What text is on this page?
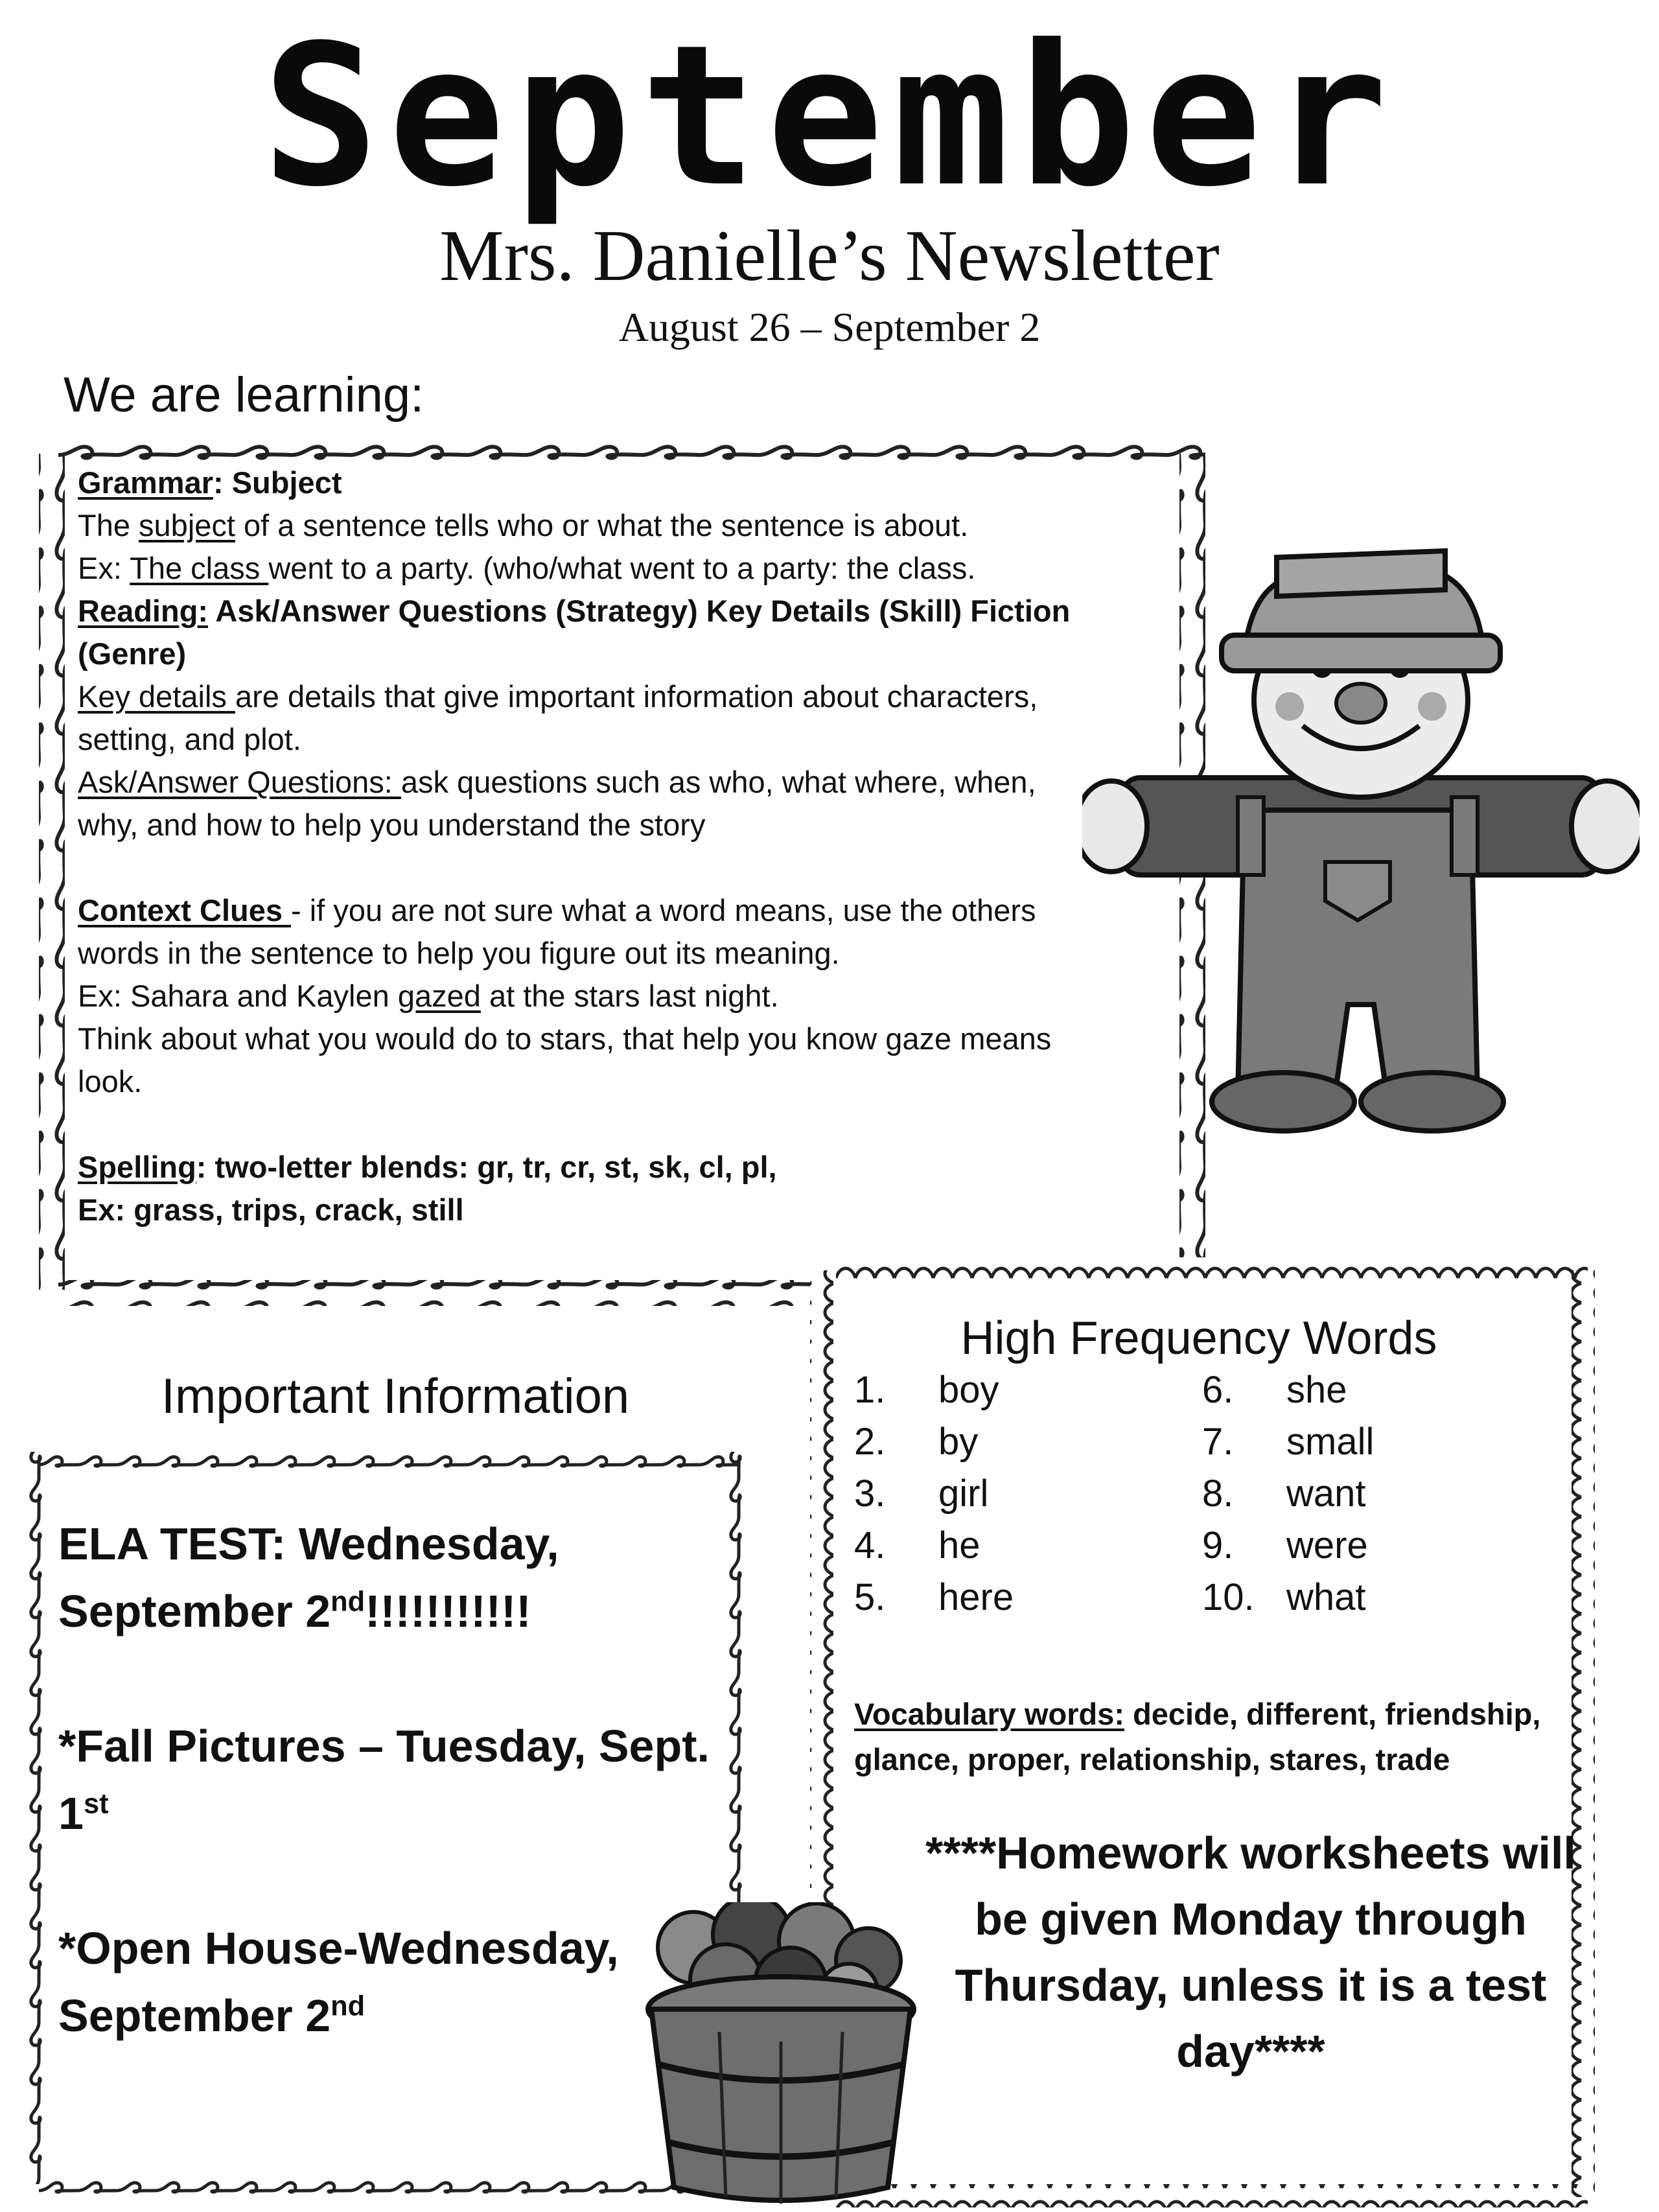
September
Mrs. Danielle’s Newsletter
August 26 – September 2
We are learning:

Grammar: Subject

The subject of a sentence tells who or what the sentence is about.

Ex: The class went to a party. (who/what went to a party: the class.

Reading: Ask/Answer Questions (Strategy) Key Details (Skill) Fiction

(Genre)

Key details are details that give important information about characters,

setting, and plot.

Ask/Answer Questions: ask questions such as who, what where, when,

why, and how to help you understand the story

Context Clues - if you are not sure what a word means, use the others

words in the sentence to help you figure out its meaning.

Ex: Sahara and Kaylen gazed at the stars last night.

Think about what you would do to stars, that help you know gaze means

look.

Spelling: two-letter blends: gr, tr, cr, st, sk, cl, pl,

Ex: grass, trips, crack, still

Important Information

ELA TEST: Wednesday,

September 2nd!!!!!!!!!!!

*Fall Pictures – Tuesday, Sept.

1st

*Open House-Wednesday,

September 2nd

High Frequency Words
1. boy
2. by
3. girl
4. he
5. here
6. she
7. small
8. want
9. were
10. what
Vocabulary words: decide, different, friendship, glance, proper, relationship, stares, trade
****Homework worksheets will be given Monday through Thursday, unless it is a test day****
